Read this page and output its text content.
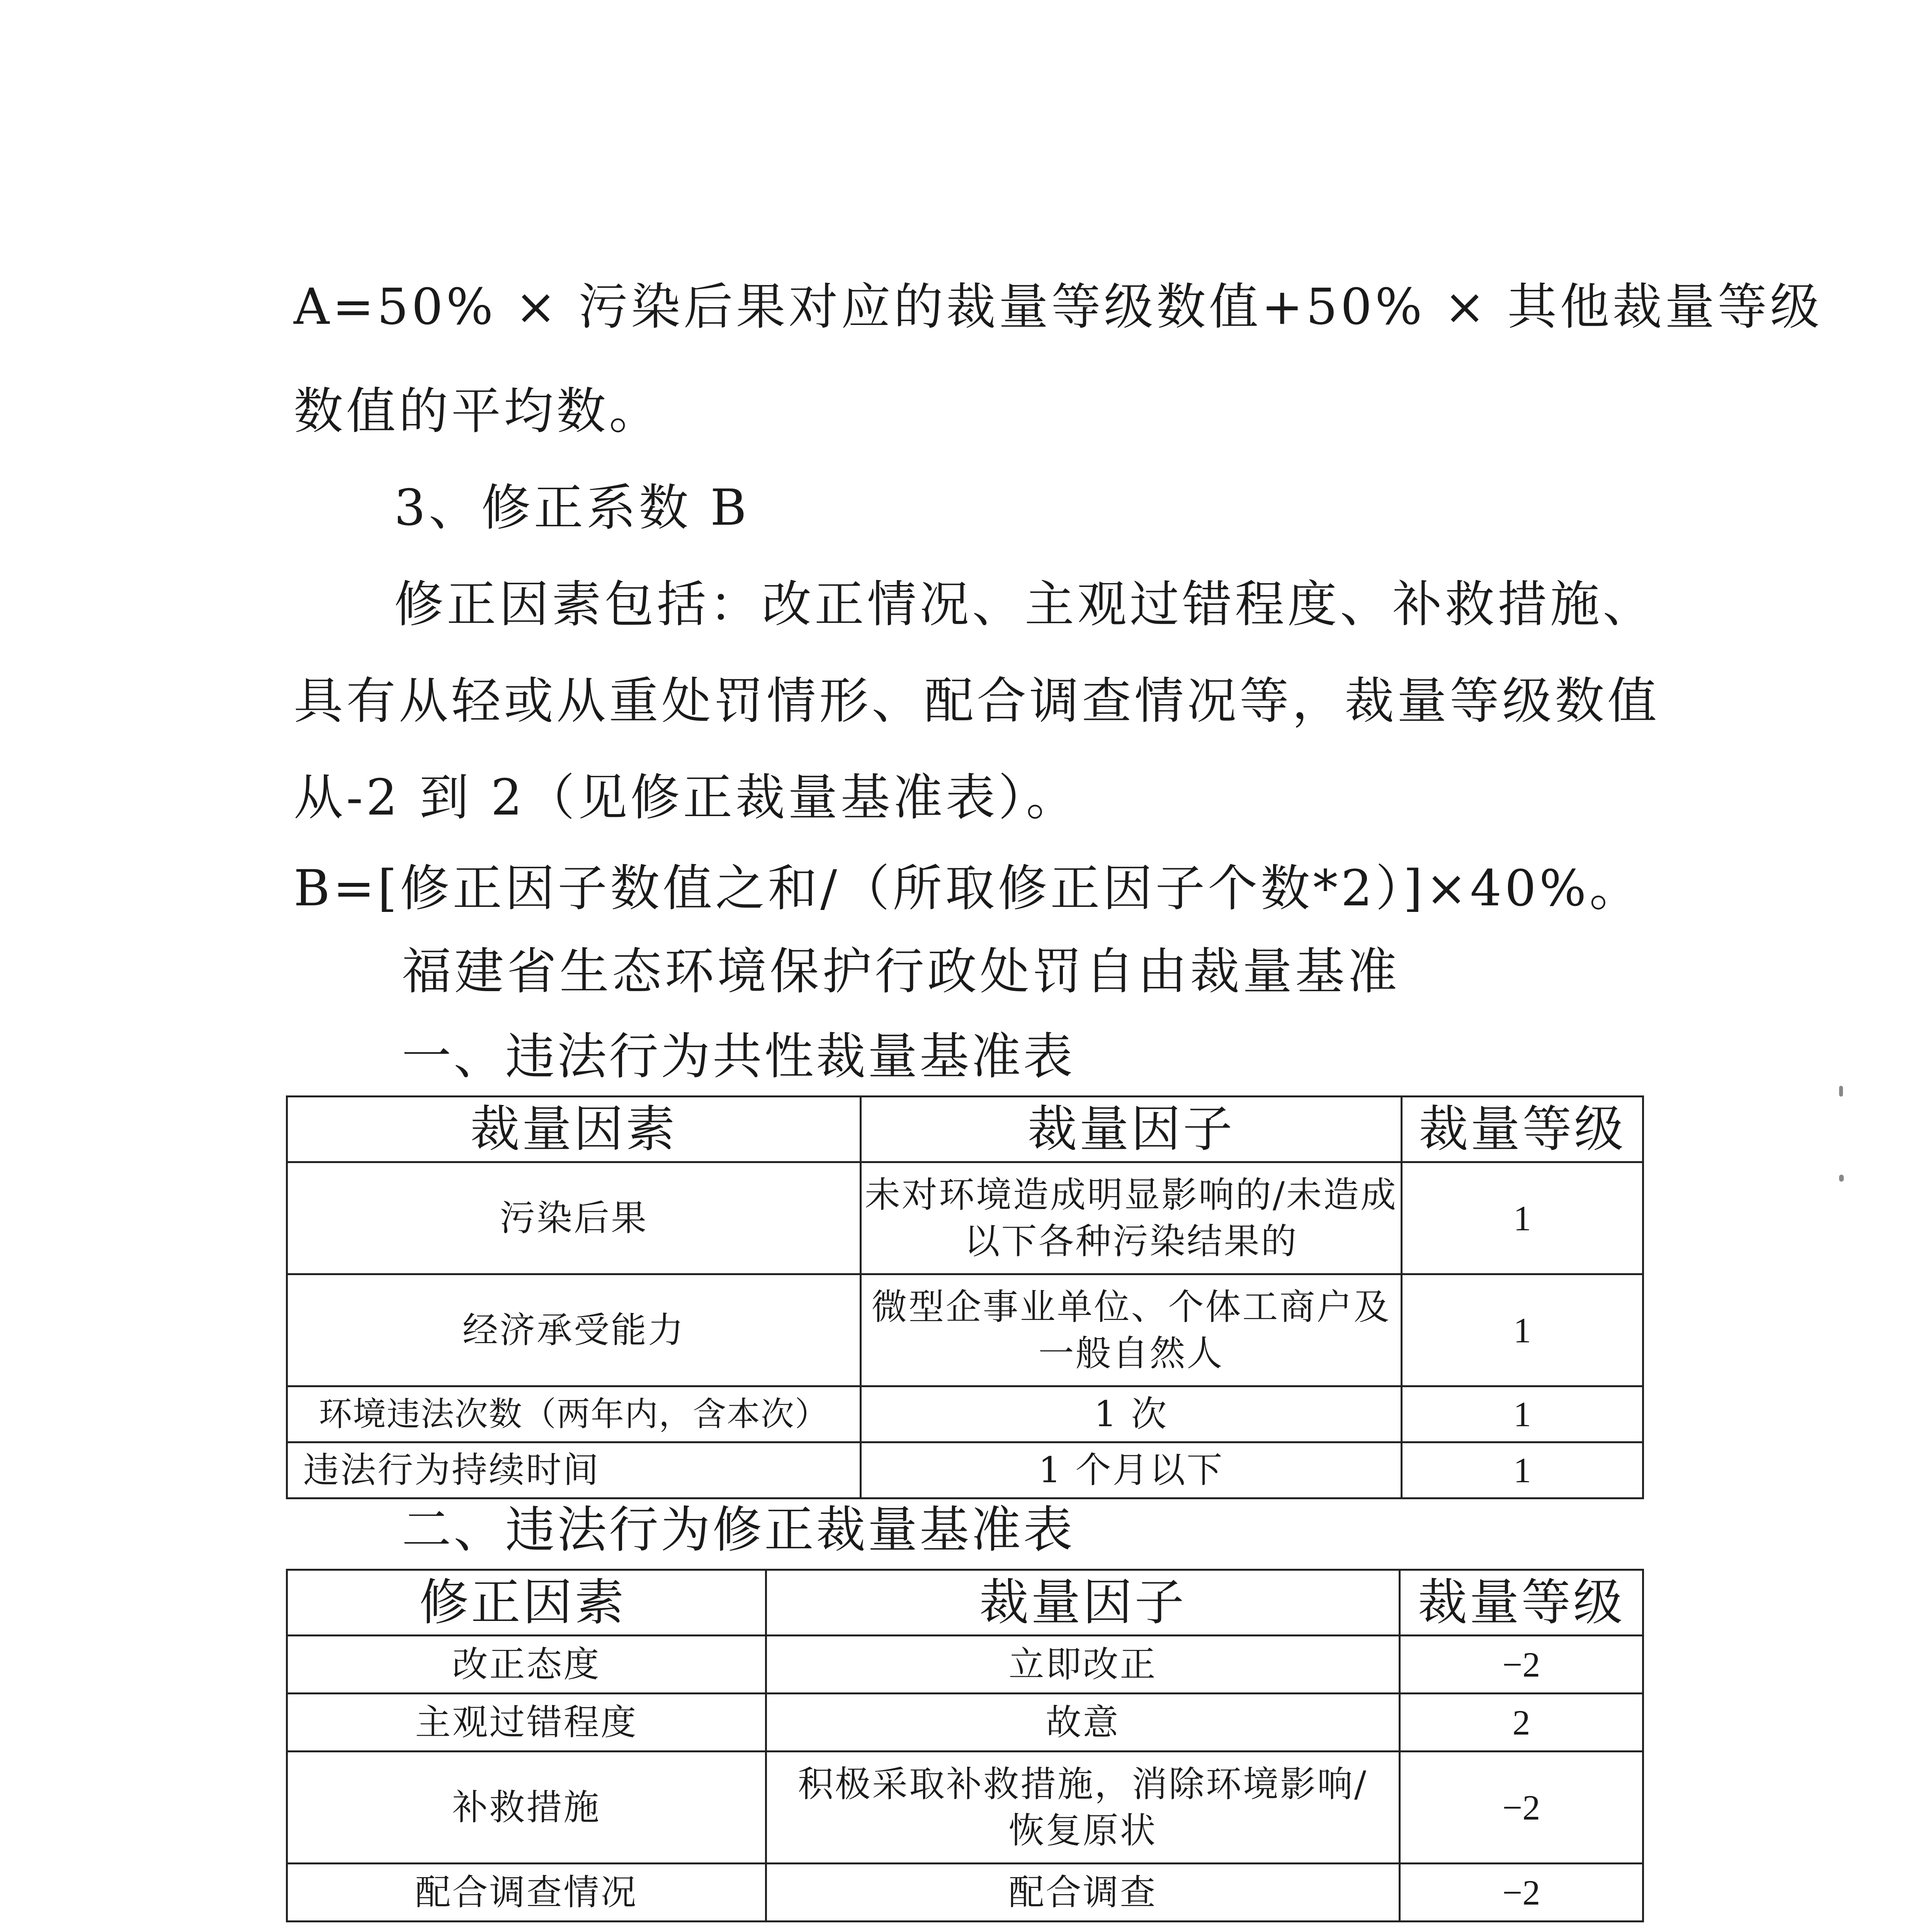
A=50% × 污染后果对应的裁量等级数值+50% × 其他裁量等级
数值的平均数。
3、修正系数 B
修正因素包括：改正情况、主观过错程度、补救措施、
具有从轻或从重处罚情形、配合调查情况等，裁量等级数值
从-2 到 2（见修正裁量基准表）。
B=[修正因子数值之和/（所取修正因子个数*2）]×40%。
福建省生态环境保护行政处罚自由裁量基准
一、违法行为共性裁量基准表
裁量因素	裁量因子	裁量等级
污染后果	未对环境造成明显影响的/未造成以下各种污染结果的	1
经济承受能力	微型企事业单位、个体工商户及一般自然人	1
环境违法次数（两年内，含本次）	1 次	1
违法行为持续时间	1 个月以下	1
二、违法行为修正裁量基准表
修正因素	裁量因子	裁量等级
改正态度	立即改正	−2
主观过错程度	故意	2
补救措施	积极采取补救措施，消除环境影响/恢复原状	−2
配合调查情况	配合调查	−2
